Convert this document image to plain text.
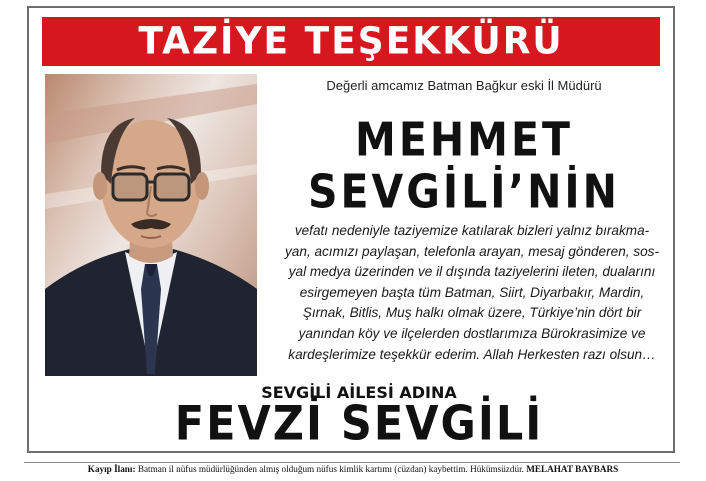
TAZİYE TEŞEKKÜRÜ
Değerli amcamız Batman Bağkur eski İl Müdürü
MEHMET
SEVGİLİ’NİN
vefatı nedeniyle taziyemize katılarak bizleri yalnız bırakma-
yan, acımızı paylaşan, telefonla arayan, mesaj gönderen, sos-
yal medya üzerinden ve il dışında taziyelerini ileten, dualarını
esirgemeyen başta tüm Batman, Siirt, Diyarbakır, Mardin,
Şırnak, Bitlis, Muş halkı olmak üzere, Türkiye’nin dört bir
yanından köy ve ilçelerden dostlarımıza Bürokrasimize ve
kardeşlerimize teşekkür ederim. Allah Herkesten razı olsun…
SEVGİLİ AİLESİ ADINA
FEVZİ SEVGİLİ
Kayıp İlanı: Batman il nüfus müdürlüğünden almış olduğum nüfus kimlik kartımı (cüzdan) kaybettim. Hükümsüzdür. MELAHAT BAYBARS
